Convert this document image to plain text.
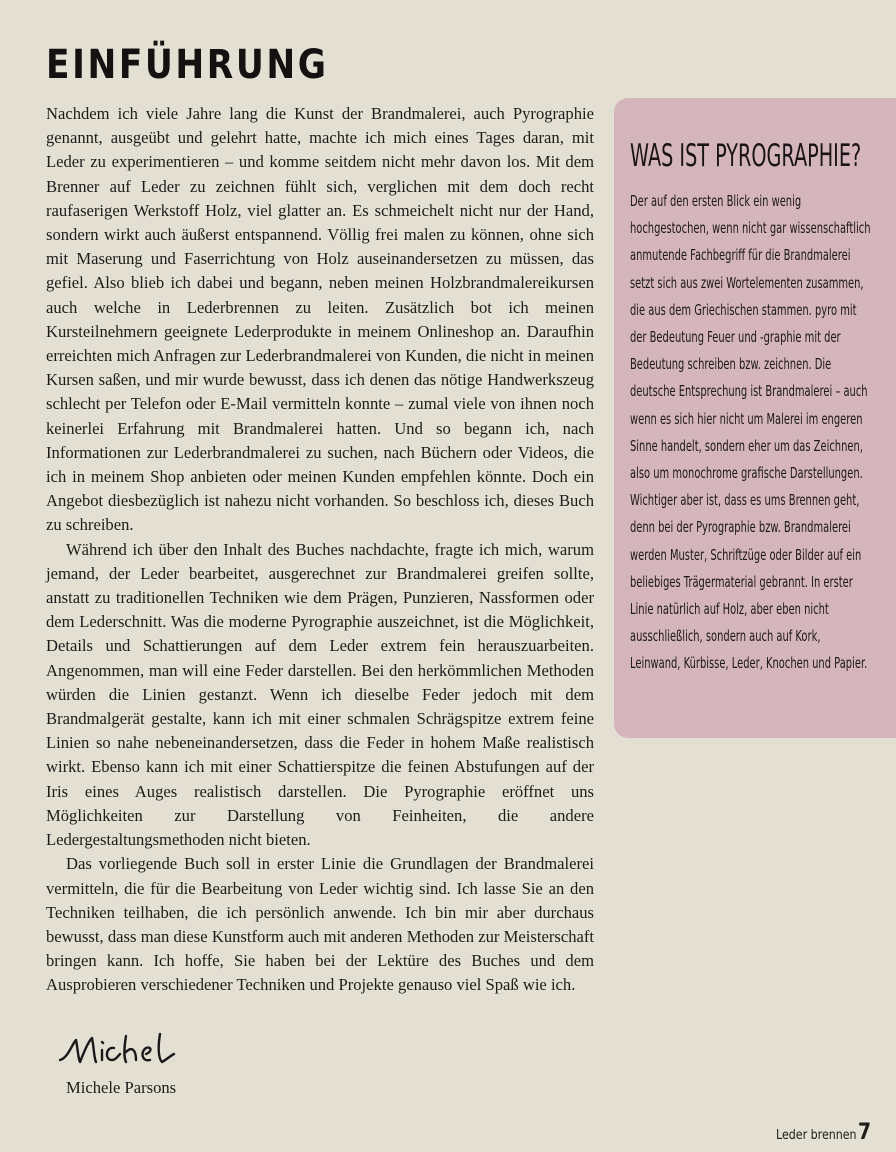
EINFÜHRUNG

Nachdem ich viele Jahre lang die Kunst der Brandmalerei, auch Pyrographie genannt, ausgeübt und gelehrt hatte, machte ich mich eines Tages daran, mit Leder zu experimentieren – und komme seitdem nicht mehr davon los. Mit dem Brenner auf Leder zu zeichnen fühlt sich, verglichen mit dem doch recht raufaserigen Werkstoff Holz, viel glatter an. Es schmeichelt nicht nur der Hand, sondern wirkt auch äußerst entspannend. Völlig frei malen zu können, ohne sich mit Maserung und Faserrichtung von Holz auseinandersetzen zu müssen, das gefiel. Also blieb ich dabei und begann, neben meinen Holzbrandmalereikursen auch welche in Lederbrennen zu leiten. Zusätzlich bot ich meinen Kursteilnehmern geeignete Lederprodukte in meinem Onlineshop an. Daraufhin erreichten mich Anfragen zur Lederbrandmalerei von Kunden, die nicht in meinen Kursen saßen, und mir wurde bewusst, dass ich denen das nötige Handwerkszeug schlecht per Telefon oder E-Mail vermitteln konnte – zumal viele von ihnen noch keinerlei Erfahrung mit Brandmalerei hatten. Und so begann ich, nach Informationen zur Lederbrandmalerei zu suchen, nach Büchern oder Videos, die ich in meinem Shop anbieten oder meinen Kunden empfehlen könnte. Doch ein Angebot diesbezüglich ist nahezu nicht vorhanden. So beschloss ich, dieses Buch zu schreiben.

Während ich über den Inhalt des Buches nachdachte, fragte ich mich, warum jemand, der Leder bearbeitet, ausgerechnet zur Brandmalerei greifen sollte, anstatt zu traditionellen Techniken wie dem Prägen, Punzieren, Nassformen oder dem Lederschnitt. Was die moderne Pyrographie auszeichnet, ist die Möglichkeit, Details und Schattierungen auf dem Leder extrem fein herauszuarbeiten. Angenommen, man will eine Feder darstellen. Bei den herkömmlichen Methoden würden die Linien gestanzt. Wenn ich dieselbe Feder jedoch mit dem Brandmalgerät gestalte, kann ich mit einer schmalen Schrägspitze extrem feine Linien so nahe nebeneinandersetzen, dass die Feder in hohem Maße realistisch wirkt. Ebenso kann ich mit einer Schattierspitze die feinen Abstufungen auf der Iris eines Auges realistisch darstellen. Die Pyrographie eröffnet uns Möglichkeiten zur Darstellung von Feinheiten, die andere Ledergestaltungsmethoden nicht bieten.

Das vorliegende Buch soll in erster Linie die Grundlagen der Brandmalerei vermitteln, die für die Bearbeitung von Leder wichtig sind. Ich lasse Sie an den Techniken teilhaben, die ich persönlich anwende. Ich bin mir aber durchaus bewusst, dass man diese Kunstform auch mit anderen Methoden zur Meisterschaft bringen kann. Ich hoffe, Sie haben bei der Lektüre des Buches und dem Ausprobieren verschiedener Techniken und Projekte genauso viel Spaß wie ich.

WAS IST PYROGRAPHIE?

Der auf den ersten Blick ein wenig hochgestochen, wenn nicht gar wissenschaftlich anmutende Fachbegriff für die Brandmalerei setzt sich aus zwei Wortelementen zusammen, die aus dem Griechischen stammen. pyro mit der Bedeutung Feuer und -graphie mit der Bedeutung schreiben bzw. zeichnen. Die deutsche Entsprechung ist Brandmalerei – auch wenn es sich hier nicht um Malerei im engeren Sinne handelt, sondern eher um das Zeichnen, also um monochrome grafische Darstellungen. Wichtiger aber ist, dass es ums Brennen geht, denn bei der Pyrographie bzw. Brandmalerei werden Muster, Schriftzüge oder Bilder auf ein beliebiges Trägermaterial gebrannt. In erster Linie natürlich auf Holz, aber eben nicht ausschließlich, sondern auch auf Kork, Leinwand, Kürbisse, Leder, Knochen und Papier.

Michele Parsons
Leder brennen 7
